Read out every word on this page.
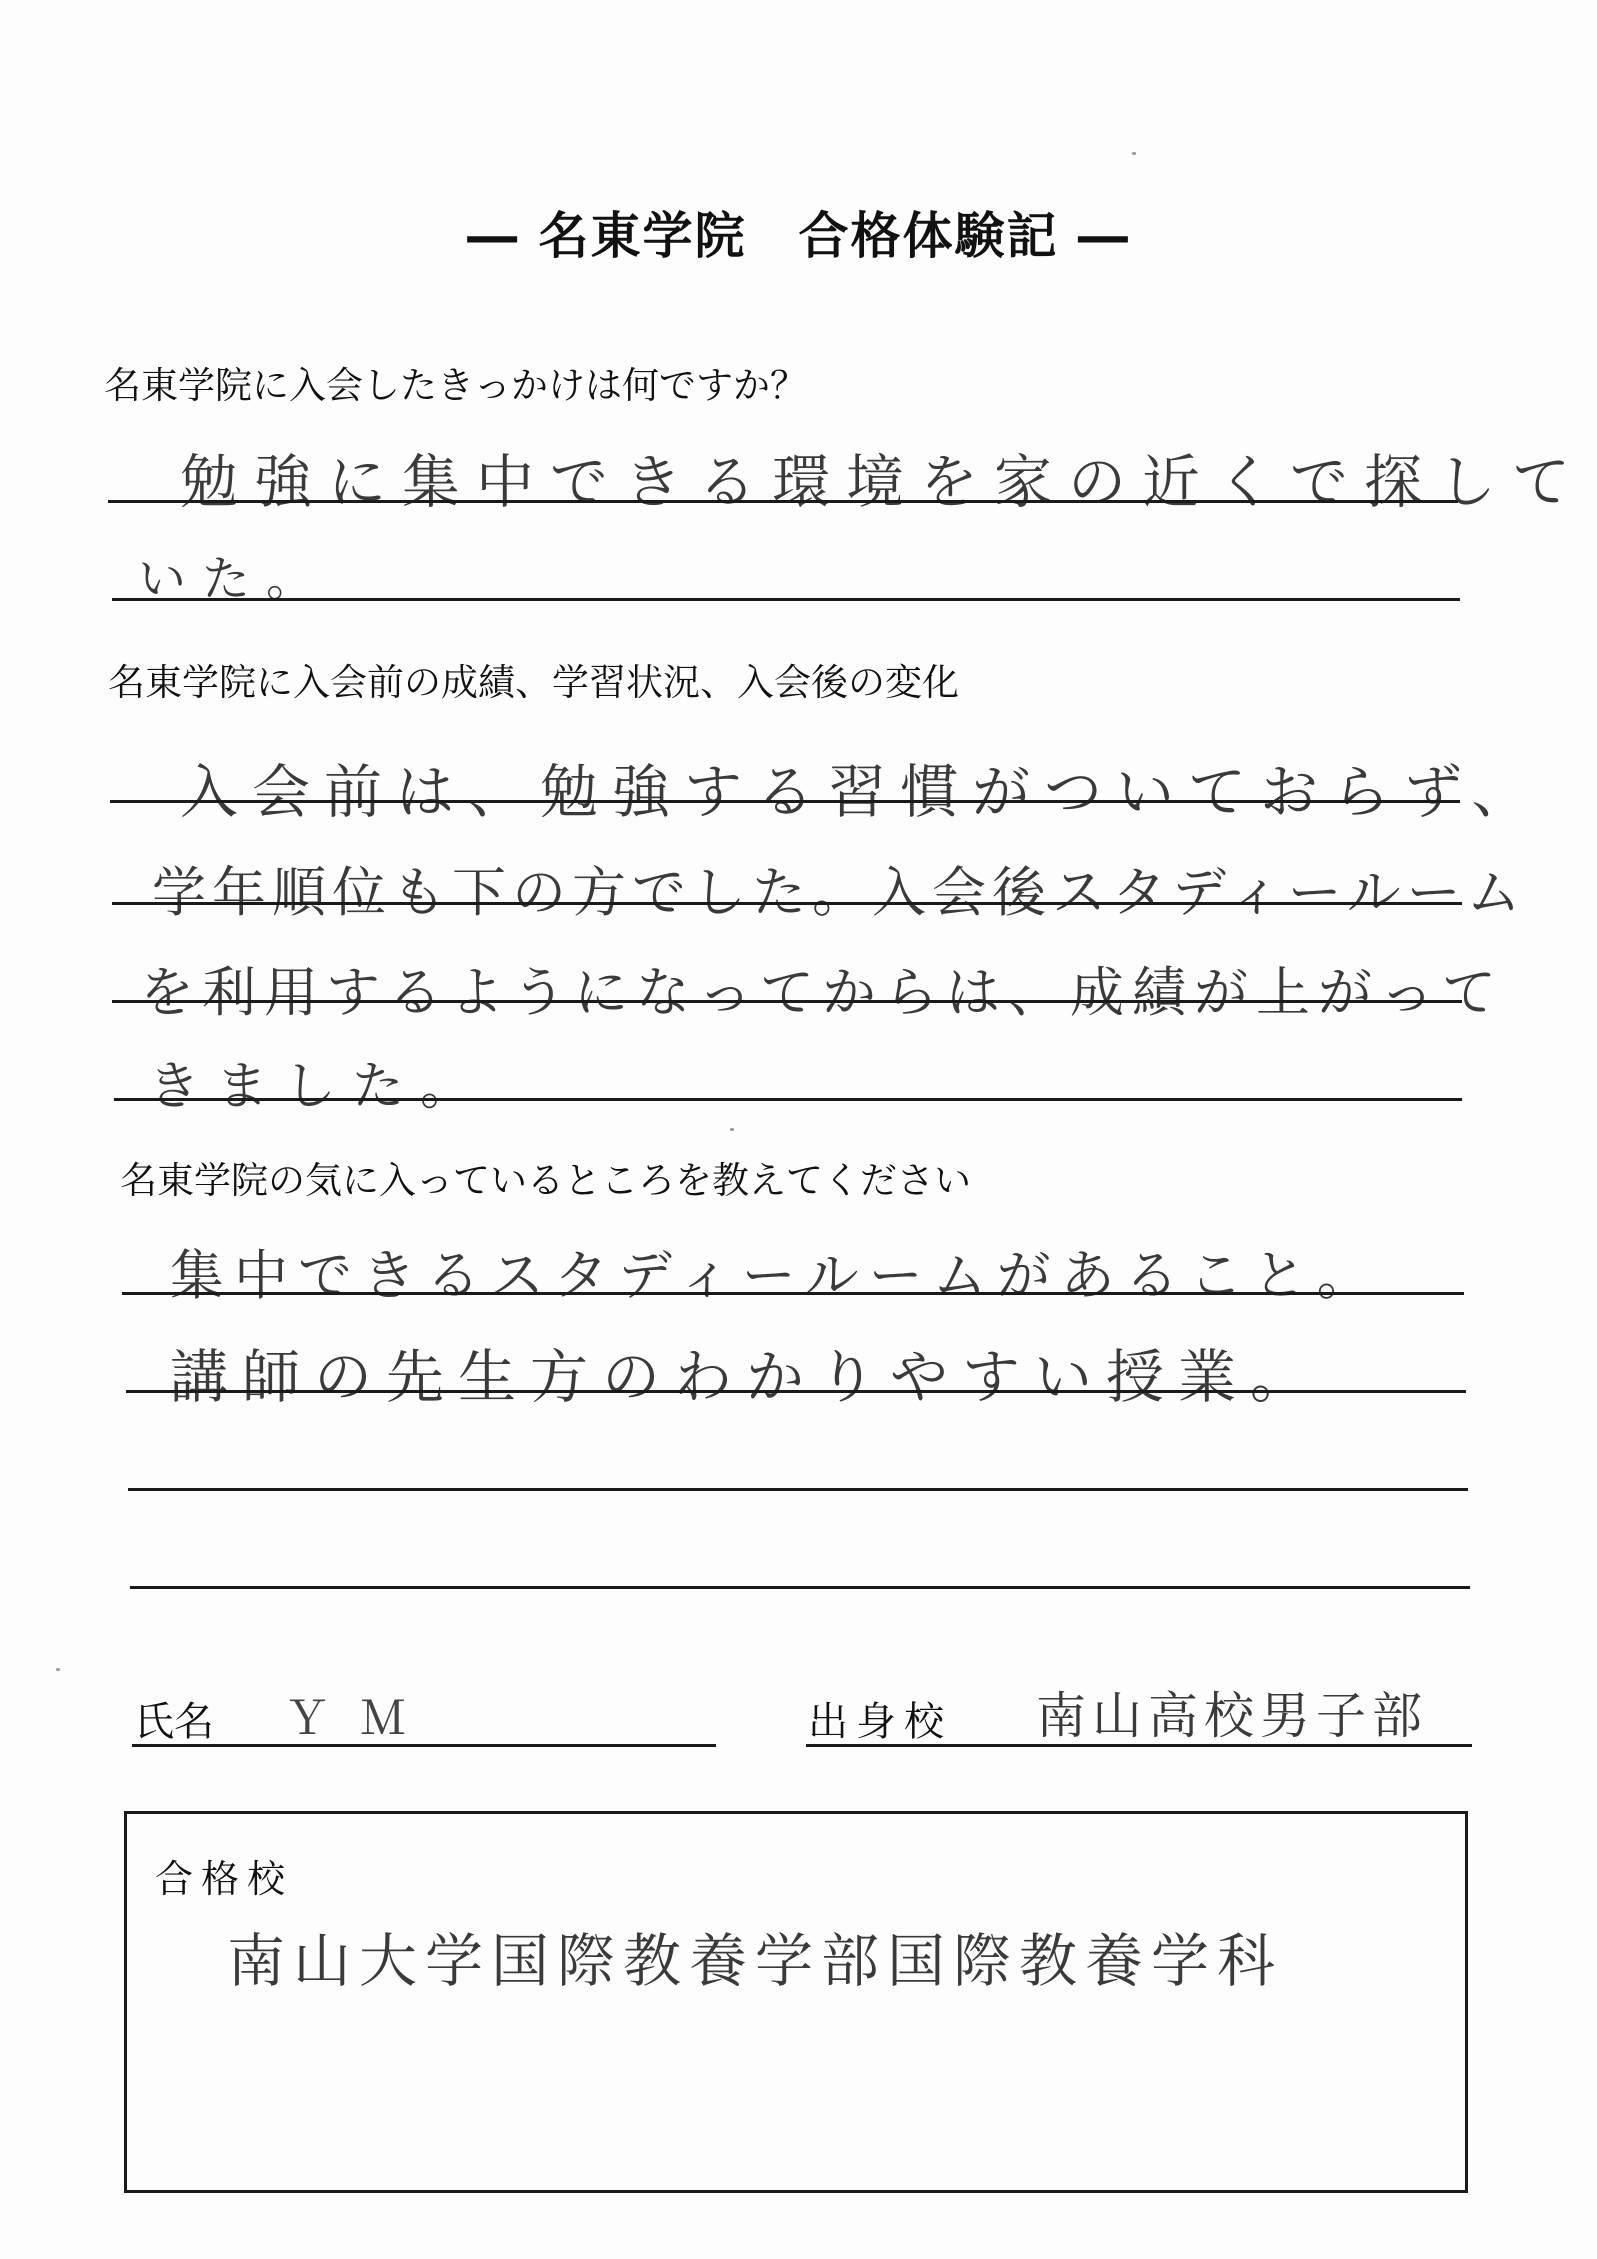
― 名東学院　合格体験記 ―
名東学院に入会したきっかけは何ですか？
勉強に集中できる環境を家の近くで探して
いた。
名東学院に入会前の成績、学習状況、入会後の変化
入会前は、勉強する習慣がついておらず、
学年順位も下の方でした。入会後スタディールーム
を利用するようになってからは、成績が上がって
きました。
名東学院の気に入っているところを教えてください
集中できるスタディールームがあること。
講師の先生方のわかりやすい授業。
氏名 ＹＭ	出身校 南山高校男子部
合格校
南山大学国際教養学部国際教養学科
